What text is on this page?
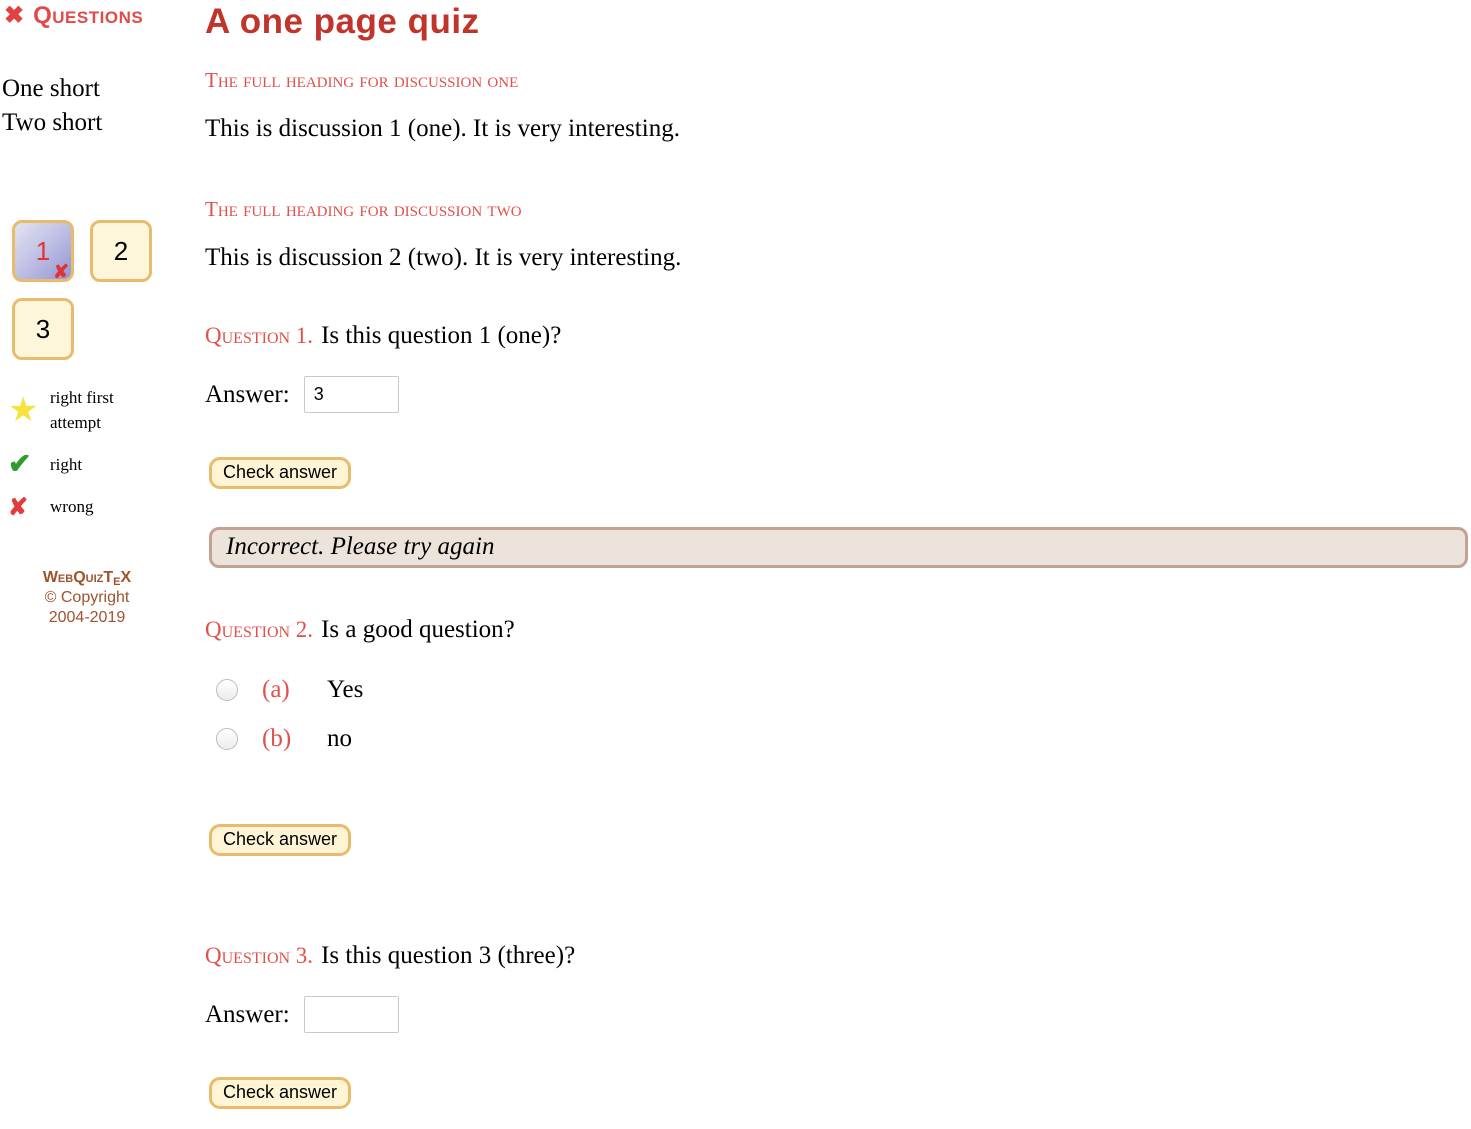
✖ Questions
One short
Two short
1
✘
2
3
★ right first attempt
✔	right
✘	wrong
WebQuizTeX
© Copyright
2004-2019
A one page quiz
The full heading for discussion one
This is discussion 1 (one). It is very interesting.
The full heading for discussion two
This is discussion 2 (two). It is very interesting.
Question 1. Is this question 1 (one)?
Answer:
3
Check answer
Incorrect. Please try again
Question 2. Is a good question?
(a)	Yes
(b)	no
Check answer
Question 3. Is this question 3 (three)?
Answer:
Check answer
